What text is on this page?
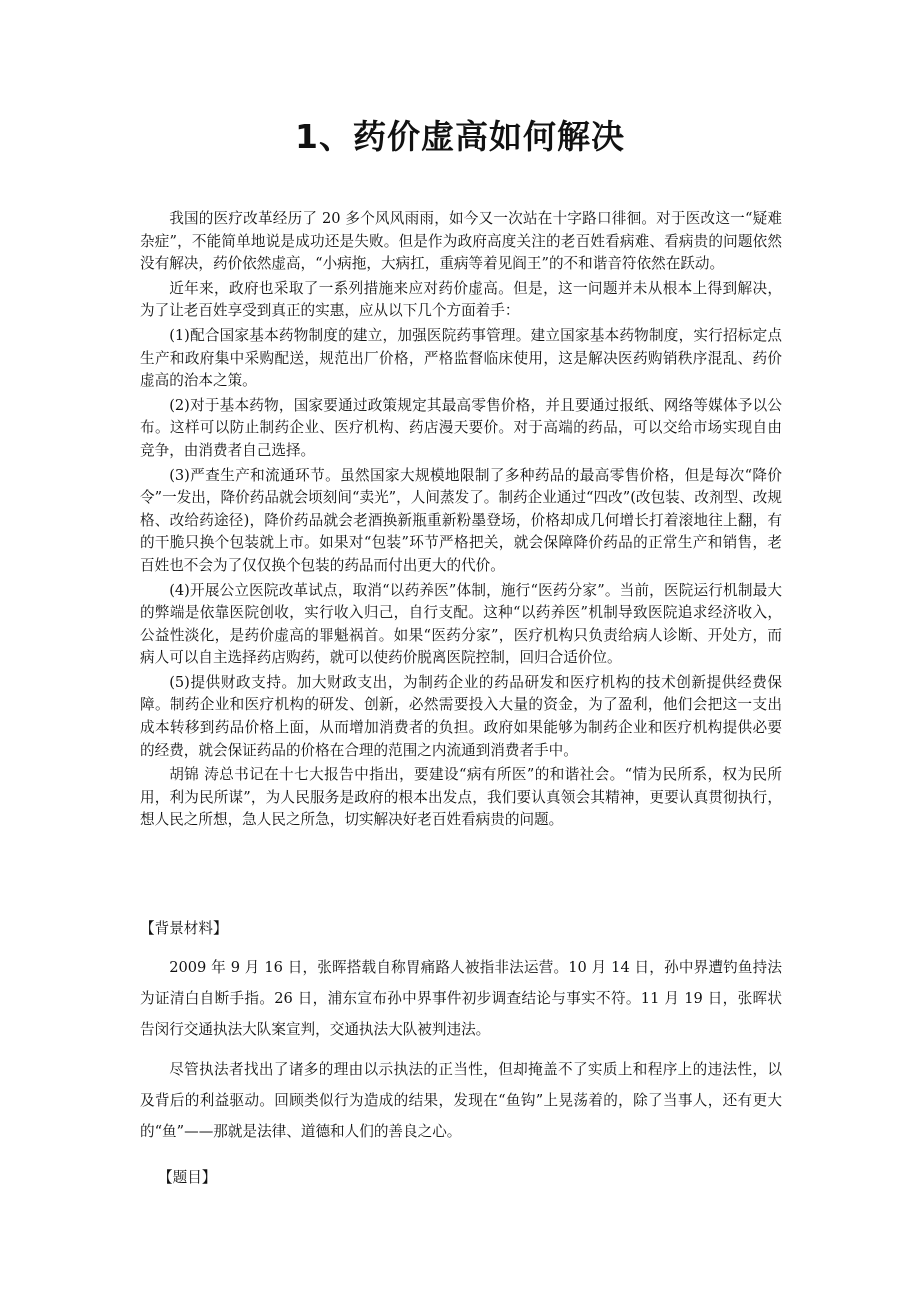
1、药价虚高如何解决

我国的医疗改革经历了 20 多个风风雨雨，如今又一次站在十字路口徘徊。对于医改这一“疑难杂症”，不能简单地说是成功还是失败。但是作为政府高度关注的老百姓看病难、看病贵的问题依然没有解决，药价依然虚高，“小病拖，大病扛，重病等着见阎王”的不和谐音符依然在跃动。

近年来，政府也采取了一系列措施来应对药价虚高。但是，这一问题并未从根本上得到解决，为了让老百姓享受到真正的实惠，应从以下几个方面着手：

(1)配合国家基本药物制度的建立，加强医院药事管理。建立国家基本药物制度，实行招标定点生产和政府集中采购配送，规范出厂价格，严格监督临床使用，这是解决医药购销秩序混乱、药价虚高的治本之策。

(2)对于基本药物，国家要通过政策规定其最高零售价格，并且要通过报纸、网络等媒体予以公布。这样可以防止制药企业、医疗机构、药店漫天要价。对于高端的药品，可以交给市场实现自由竞争，由消费者自己选择。

(3)严查生产和流通环节。虽然国家大规模地限制了多种药品的最高零售价格，但是每次“降价令”一发出，降价药品就会顷刻间“卖光”，人间蒸发了。制药企业通过“四改”(改包装、改剂型、改规格、改给药途径)，降价药品就会老酒换新瓶重新粉墨登场，价格却成几何增长打着滚地往上翻，有的干脆只换个包装就上市。如果对“包装”环节严格把关，就会保障降价药品的正常生产和销售，老百姓也不会为了仅仅换个包装的药品而付出更大的代价。

(4)开展公立医院改革试点，取消“以药养医”体制，施行“医药分家”。当前，医院运行机制最大的弊端是依靠医院创收，实行收入归己，自行支配。这种“以药养医”机制导致医院追求经济收入，公益性淡化，是药价虚高的罪魁祸首。如果“医药分家”，医疗机构只负责给病人诊断、开处方，而病人可以自主选择药店购药，就可以使药价脱离医院控制，回归合适价位。

(5)提供财政支持。加大财政支出，为制药企业的药品研发和医疗机构的技术创新提供经费保障。制药企业和医疗机构的研发、创新，必然需要投入大量的资金，为了盈利，他们会把这一支出成本转移到药品价格上面，从而增加消费者的负担。政府如果能够为制药企业和医疗机构提供必要的经费，就会保证药品的价格在合理的范围之内流通到消费者手中。

胡锦 涛总书记在十七大报告中指出，要建设“病有所医”的和谐社会。“情为民所系，权为民所用，利为民所谋”，为人民服务是政府的根本出发点，我们要认真领会其精神，更要认真贯彻执行，想人民之所想，急人民之所急，切实解决好老百姓看病贵的问题。

【背景材料】

2009 年 9 月 16 日，张晖搭载自称胃痛路人被指非法运营。10 月 14 日，孙中界遭钓鱼持法为证清白自断手指。26 日，浦东宣布孙中界事件初步调查结论与事实不符。11 月 19 日，张晖状告闵行交通执法大队案宣判，交通执法大队被判违法。

尽管执法者找出了诸多的理由以示执法的正当性，但却掩盖不了实质上和程序上的违法性，以及背后的利益驱动。回顾类似行为造成的结果，发现在“鱼钩”上晃荡着的，除了当事人，还有更大的“鱼”——那就是法律、道德和人们的善良之心。

【题目】
